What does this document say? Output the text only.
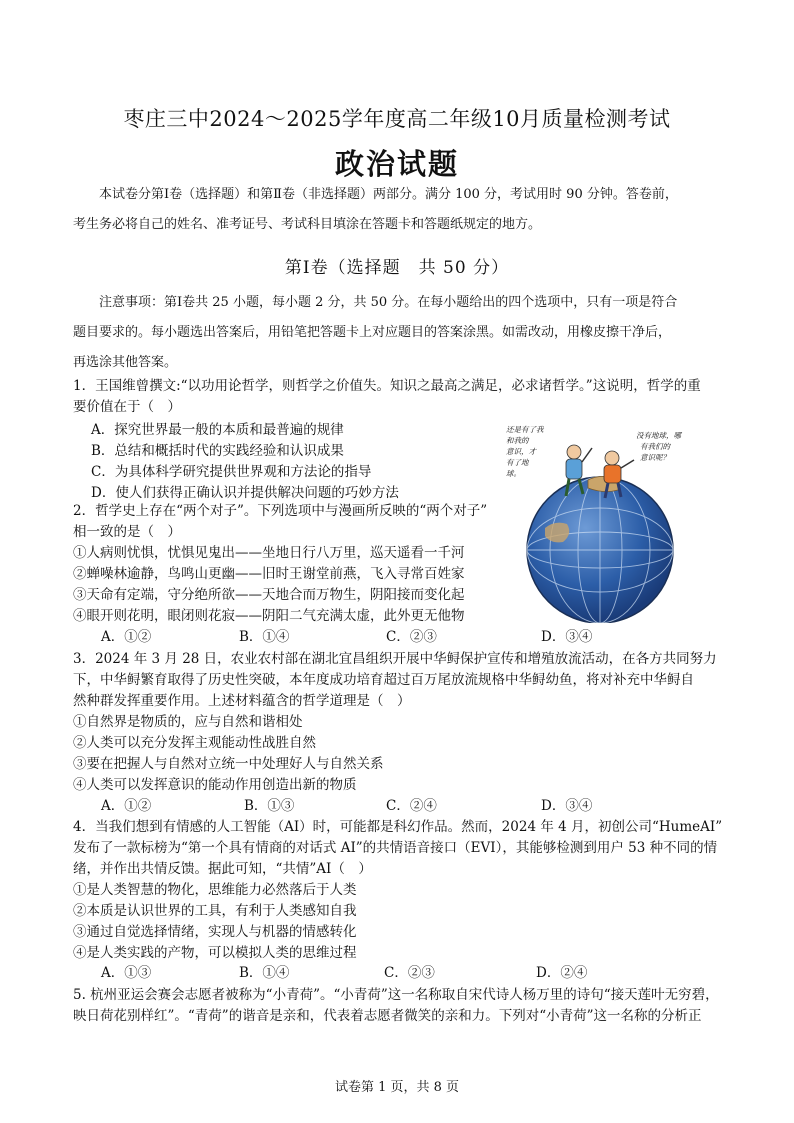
枣庄三中2024～2025学年度高二年级10月质量检测考试
政治试题

本试卷分第Ⅰ卷（选择题）和第Ⅱ卷（非选择题）两部分。满分 100 分，考试用时 90 分钟。答卷前，

考生务必将自己的姓名、准考证号、考试科目填涂在答题卡和答题纸规定的地方。

第Ⅰ卷（选择题　共 50 分）

注意事项：第Ⅰ卷共 25 小题，每小题 2 分，共 50 分。在每小题给出的四个选项中，只有一项是符合

题目要求的。每小题选出答案后，用铅笔把答题卡上对应题目的答案涂黑。如需改动，用橡皮擦干净后，

再选涂其他答案。

1．王国维曾撰文:“以功用论哲学，则哲学之价值失。知识之最高之满足，必求诸哲学。”这说明，哲学的重

要价值在于（　）

A．探究世界最一般的本质和最普遍的规律

B．总结和概括时代的实践经验和认识成果

C．为具体科学研究提供世界观和方法论的指导

D．使人们获得正确认识并提供解决问题的巧妙方法

2．哲学史上存在“两个对子”。下列选项中与漫画所反映的“两个对子”

相一致的是（　）

①人病则忧惧，忧惧见鬼出——坐地日行八万里，巡天遥看一千河

②蝉噪林逾静，鸟鸣山更幽——旧时王谢堂前燕，飞入寻常百姓家

③天命有定端，守分绝所欲——天地合而万物生，阴阳接而变化起

④眼开则花明，眼闭则花寂——阴阳二气充满太虚，此外更无他物

A．①②	B．①④	C．②③	D．③④
还是有了我
和我的
意识，才
有了地
球。
没有地球，哪
有我们的
意识呢？

3．2024 年 3 月 28 日，农业农村部在湖北宜昌组织开展中华鲟保护宣传和增殖放流活动，在各方共同努力

下，中华鲟繁育取得了历史性突破，本年度成功培育超过百万尾放流规格中华鲟幼鱼，将对补充中华鲟自

然种群发挥重要作用。上述材料蕴含的哲学道理是（　）

①自然界是物质的，应与自然和谐相处

②人类可以充分发挥主观能动性战胜自然

③要在把握人与自然对立统一中处理好人与自然关系

④人类可以发挥意识的能动作用创造出新的物质

A．①②	B．①③	C．②④	D．③④

4．当我们想到有情感的人工智能（AI）时，可能都是科幻作品。然而，2024 年 4 月，初创公司“HumeAI”

发布了一款标榜为“第一个具有情商的对话式 AI”的共情语音接口（EVI），其能够检测到用户 53 种不同的情

绪，并作出共情反馈。据此可知，“共情”AI（　）

①是人类智慧的物化，思维能力必然落后于人类

②本质是认识世界的工具，有利于人类感知自我

③通过自觉选择情绪，实现人与机器的情感转化

④是人类实践的产物，可以模拟人类的思维过程

A．①③	B．①④	C．②③	D．②④

5. 杭州亚运会赛会志愿者被称为“小青荷”。“小青荷”这一名称取自宋代诗人杨万里的诗句“接天莲叶无穷碧，

映日荷花别样红”。“青荷”的谐音是亲和，代表着志愿者微笑的亲和力。下列对“小青荷”这一名称的分析正

试卷第 1 页，共 8 页
